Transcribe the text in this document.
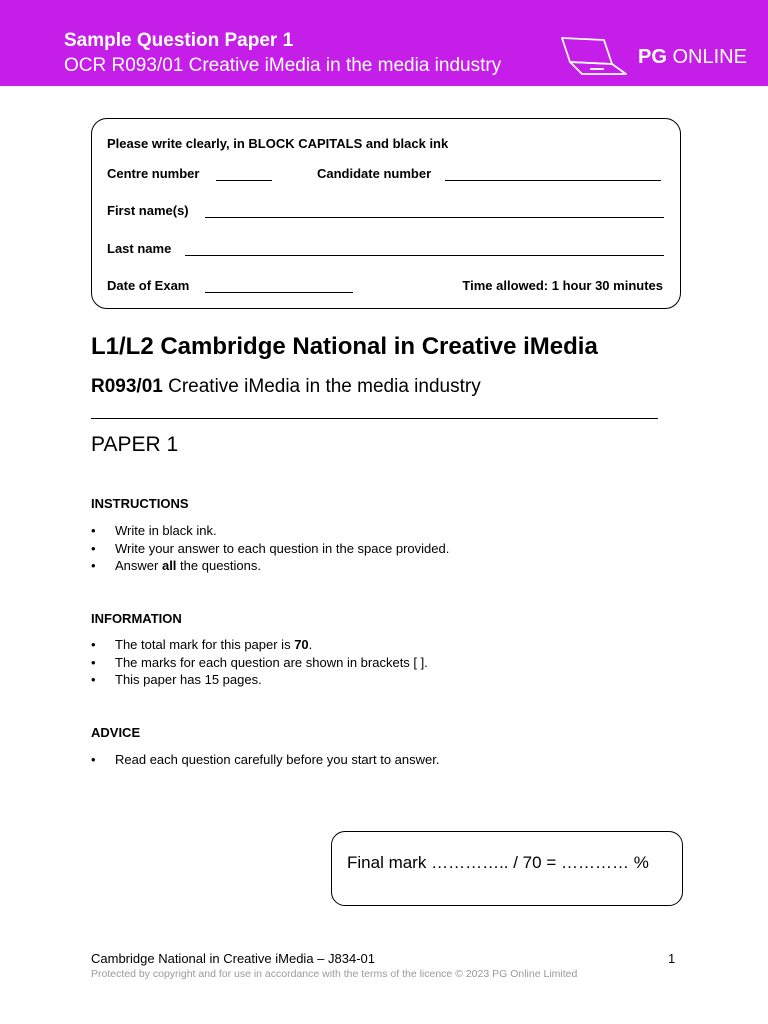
Sample Question Paper 1
OCR R093/01 Creative iMedia in the media industry	PG ONLINE
Please write clearly, in BLOCK CAPITALS and black ink
Centre number	Candidate number
First name(s)
Last name
Date of Exam	Time allowed: 1 hour 30 minutes
L1/L2 Cambridge National in Creative iMedia
R093/01 Creative iMedia in the media industry
PAPER 1
INSTRUCTIONS
• Write in black ink.
• Write your answer to each question in the space provided.
• Answer all the questions.
INFORMATION
• The total mark for this paper is 70.
• The marks for each question are shown in brackets [ ].
• This paper has 15 pages.
ADVICE
• Read each question carefully before you start to answer.
Final mark ………….. / 70 = ………… %
Cambridge National in Creative iMedia – J834-01	1
Protected by copyright and for use in accordance with the terms of the licence © 2023 PG Online Limited
